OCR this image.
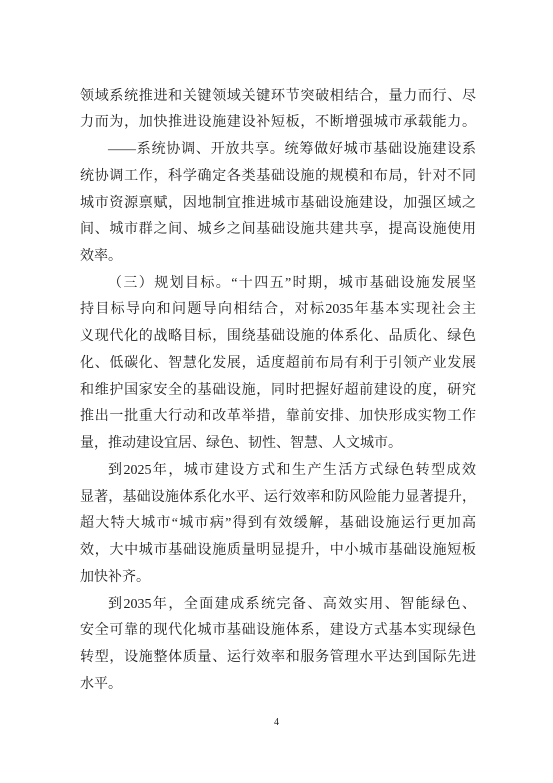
领域系统推进和关键领域关键环节突破相结合，量力而行、尽
力而为，加快推进设施建设补短板，不断增强城市承载能力。
——系统协调、开放共享。统筹做好城市基础设施建设系
统协调工作，科学确定各类基础设施的规模和布局，针对不同
城市资源禀赋，因地制宜推进城市基础设施建设，加强区域之
间、城市群之间、城乡之间基础设施共建共享，提高设施使用
效率。
（三）规划目标。“十四五”时期，城市基础设施发展坚
持目标导向和问题导向相结合，对标2035年基本实现社会主
义现代化的战略目标，围绕基础设施的体系化、品质化、绿色
化、低碳化、智慧化发展，适度超前布局有利于引领产业发展
和维护国家安全的基础设施，同时把握好超前建设的度，研究
推出一批重大行动和改革举措，靠前安排、加快形成实物工作
量，推动建设宜居、绿色、韧性、智慧、人文城市。
到2025年，城市建设方式和生产生活方式绿色转型成效
显著，基础设施体系化水平、运行效率和防风险能力显著提升，
超大特大城市“城市病”得到有效缓解，基础设施运行更加高
效，大中城市基础设施质量明显提升，中小城市基础设施短板
加快补齐。
到2035年，全面建成系统完备、高效实用、智能绿色、
安全可靠的现代化城市基础设施体系，建设方式基本实现绿色
转型，设施整体质量、运行效率和服务管理水平达到国际先进
水平。
4
